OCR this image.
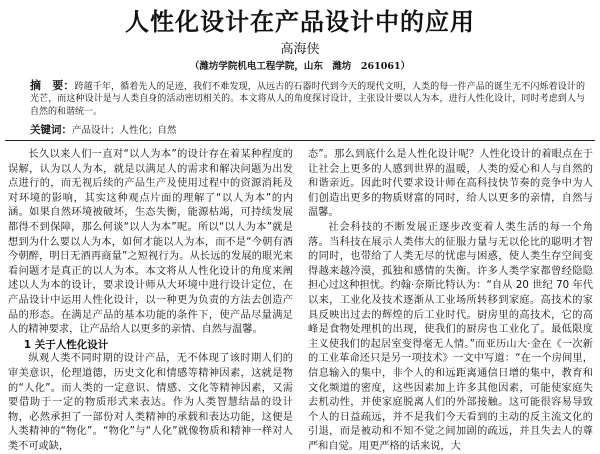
人性化设计在产品设计中的应用
高海侠
（潍坊学院机电工程学院，山东　潍坊　261061）
摘　要：跨越千年，循着先人的足迹，我们不难发现，从远古的石器时代到今天的现代文明，人类的每一件产品的诞生无不闪烁着设计的光芒，而这种设计是与人类自身的活动密切相关的。本文将从人的角度探讨设计，主张设计要以人为本，进行人性化设计，同时考虑到人与自然的和谐统一。
关键词：产品设计；人性化；自然

长久以来人们一直对“以人为本”的设计存在着某种程度的误解，认为以人为本，就是以满足人的需求和解决问题为出发点进行的，而无视后续的产品生产及使用过程中的资源消耗及对环境的影响，其实这种观点片面的理解了“以人为本”的内涵。如果自然环境被破坏，生态失衡，能源枯竭，可持续发展都得不到保障，那么何谈“以人为本”呢。所以“以人为本”就是想到为什么要以人为本，如何才能以人为本，而不是“今朝有酒今朝醉，明日无酒再商量”之短视行为。从长远的发展的眼光来看问题才是真正的以人为本。本文将从人性化设计的角度来阐述以人为本的设计，要求设计师从大环境中进行设计定位，在产品设计中运用人性化设计，以一种更为负责的方法去创造产品的形态。在满足产品的基本功能的条件下，使产品尽量满足人的精神要求，让产品给人以更多的亲情、自然与温馨。

1 关于人性化设计

纵观人类不同时期的设计产品，无不体现了该时期人们的审美意识，伦理道德，历史文化和情感等精神因素，这就是物的“人化”。而人类的一定意识、情感、文化等精神因素，又需要借助于一定的物质形式来表达。作为人类智慧结晶的设计物，必然承担了一部份对人类精神的承载和表达功能，这便是人类精神的“物化”。“物化”与“人化”就像物质和精神一样对人类不可或缺，

态”。那么到底什么是人性化设计呢？人性化设计的着眼点在于让社会上更多的人感到世界的温暖，人类的爱心和人与自然的和谐亲近。因此时代要求设计师在高科技快节奏的竞争中为人们创造出更多的物质财富的同时，给人以更多的亲情，自然与温馨。

社会科技的不断发展正逐步改变着人类生活的每一个角落。当科技在展示人类伟大的征服力量与无以伦比的聪明才智的同时，也带给了人类无尽的忧虑与困惑，使人类生存空间变得越来越冷漠，孤独和感情的失衡。许多人类学家都曾经隐隐担心过这种担忧。约翰·奈斯比特认为：“自从 20 世纪 70 年代以来，工业化及技术逐渐从工业场所转移到家庭。高技术的家具反映出过去的辉煌的后工业时代。厨房里的高技术，它的高峰是食物处理机的出现，使我们的厨房也工业化了。最低限度主义使我们的起居室变得毫无人情。”而亚历山大·金在《一次新的工业革命还只是另一项技术》一文中写道：“在一个房间里，信息输入的集中，非个人的和远距离通信日增的集中，教育和文化频道的密度，这些因素加上许多其他因素，可能使家庭失去机动性，并使家庭脱离人们的外部接触。这可能很容易导致个人的日益疏远，并不是我们今天看到的主动的反主流文化的引退，而是被动和不知不觉之间加剧的疏远，并且失去人的尊严和自觉。用更严格的话来说，大
